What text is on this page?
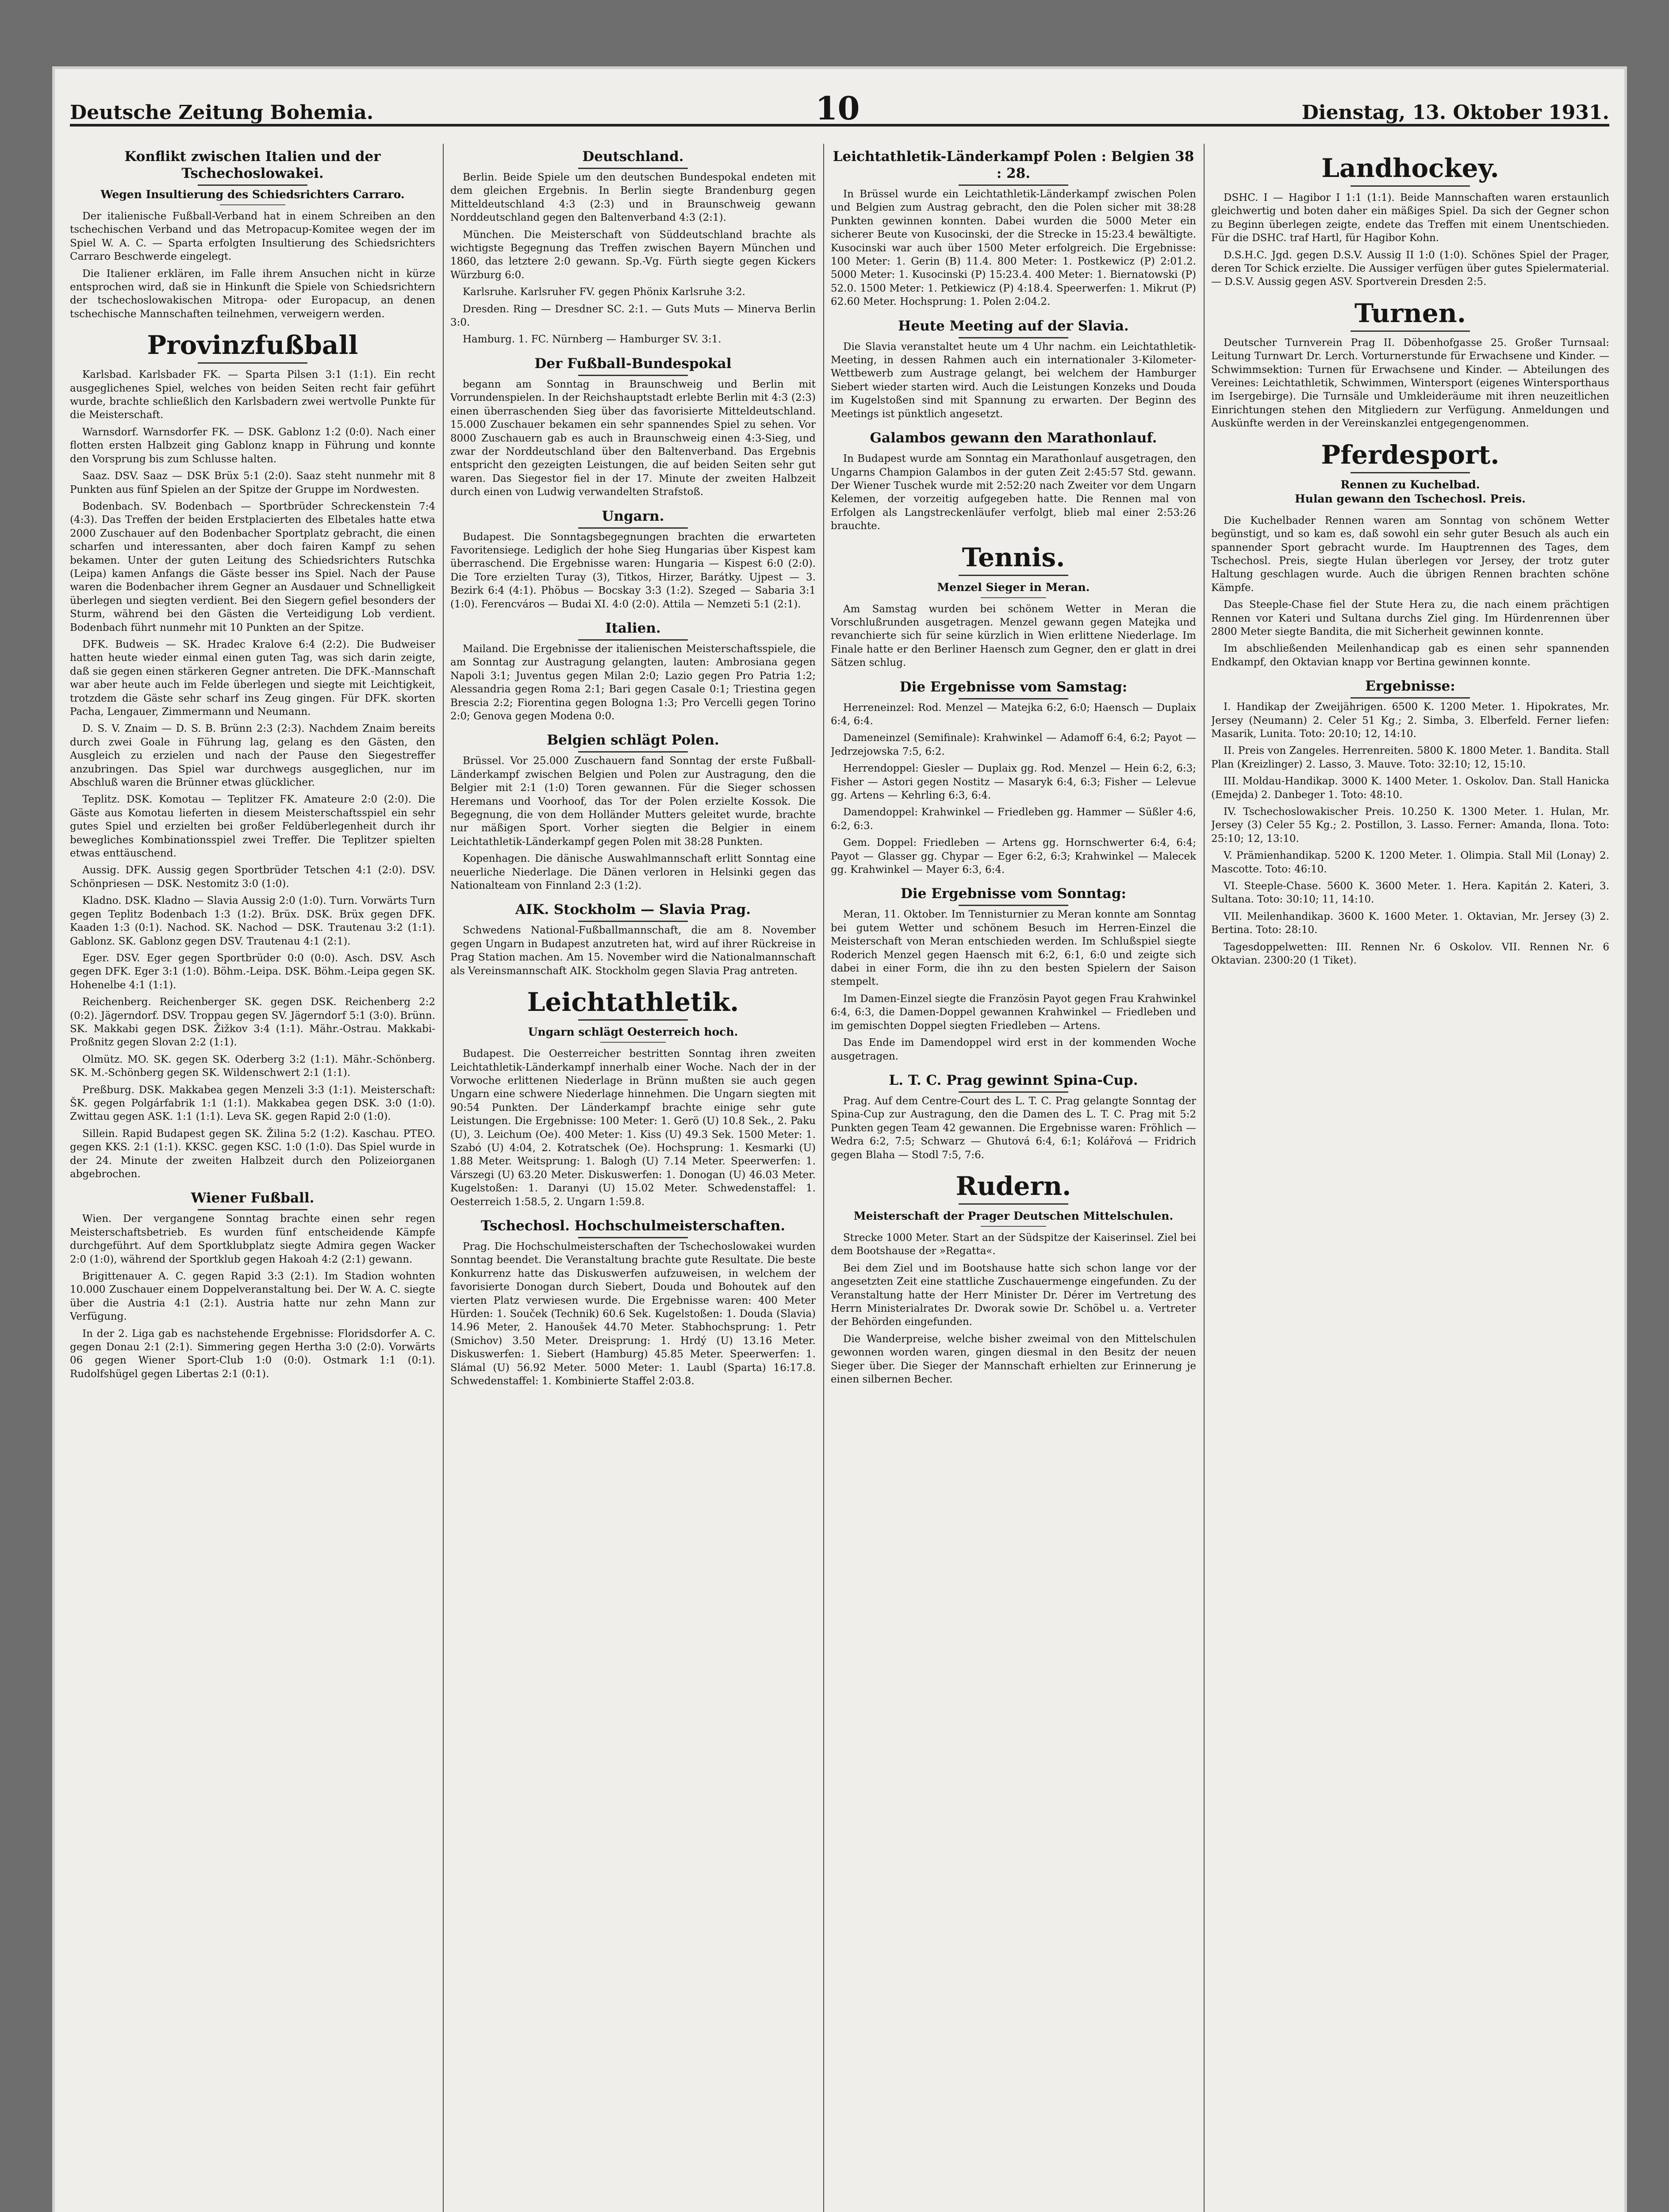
Deutsche Zeitung Bohemia.	10	Dienstag, 13. Oktober 1931.
Konflikt zwischen Italien und der Tschechoslowakei.
Wegen Insultierung des Schiedsrichters Carraro.

Der italienische Fußball-Verband hat in einem Schreiben an den tschechischen Verband und das Metropacup-Komitee wegen der im Spiel W. A. C. — Sparta erfolgten Insultierung des Schiedsrichters Carraro Beschwerde eingelegt.

Die Italiener erklären, im Falle ihrem Ansuchen nicht in kürze entsprochen wird, daß sie in Hinkunft die Spiele von Schiedsrichtern der tschechoslowakischen Mitropa- oder Europacup, an denen tschechische Mannschaften teilnehmen, verweigern werden.

Provinzfußball

Karlsbad. Karlsbader FK. — Sparta Pilsen 3:1 (1:1). Ein recht ausgeglichenes Spiel, welches von beiden Seiten recht fair geführt wurde, brachte schließlich den Karlsbadern zwei wertvolle Punkte für die Meisterschaft.

Warnsdorf. Warnsdorfer FK. — DSK. Gablonz 1:2 (0:0). Nach einer flotten ersten Halbzeit ging Gablonz knapp in Führung und konnte den Vorsprung bis zum Schlusse halten.

Saaz. DSV. Saaz — DSK Brüx 5:1 (2:0). Saaz steht nunmehr mit 8 Punkten aus fünf Spielen an der Spitze der Gruppe im Nordwesten.

Bodenbach. SV. Bodenbach — Sportbrüder Schreckenstein 7:4 (4:3). Das Treffen der beiden Erstplacierten des Elbetales hatte etwa 2000 Zuschauer auf den Bodenbacher Sportplatz gebracht, die einen scharfen und interessanten, aber doch fairen Kampf zu sehen bekamen. Unter der guten Leitung des Schiedsrichters Rutschka (Leipa) kamen Anfangs die Gäste besser ins Spiel. Nach der Pause waren die Bodenbacher ihrem Gegner an Ausdauer und Schnelligkeit überlegen und siegten verdient. Bei den Siegern gefiel besonders der Sturm, während bei den Gästen die Verteidigung Lob verdient. Bodenbach führt nunmehr mit 10 Punkten an der Spitze.

DFK. Budweis — SK. Hradec Kralove 6:4 (2:2). Die Budweiser hatten heute wieder einmal einen guten Tag, was sich darin zeigte, daß sie gegen einen stärkeren Gegner antreten. Die DFK.-Mannschaft war aber heute auch im Felde überlegen und siegte mit Leichtigkeit, trotzdem die Gäste sehr scharf ins Zeug gingen. Für DFK. skorten Pacha, Lengauer, Zimmermann und Neumann.

D. S. V. Znaim — D. S. B. Brünn 2:3 (2:3). Nachdem Znaim bereits durch zwei Goale in Führung lag, gelang es den Gästen, den Ausgleich zu erzielen und nach der Pause den Siegestreffer anzubringen. Das Spiel war durchwegs ausgeglichen, nur im Abschluß waren die Brünner etwas glücklicher.

Teplitz. DSK. Komotau — Teplitzer FK. Amateure 2:0 (2:0). Die Gäste aus Komotau lieferten in diesem Meisterschaftsspiel ein sehr gutes Spiel und erzielten bei großer Feldüberlegenheit durch ihr bewegliches Kombinationsspiel zwei Treffer. Die Teplitzer spielten etwas enttäuschend.

Aussig. DFK. Aussig gegen Sportbrüder Tetschen 4:1 (2:0). DSV. Schönpriesen — DSK. Nestomitz 3:0 (1:0).

Kladno. DSK. Kladno — Slavia Aussig 2:0 (1:0). Turn. Vorwärts Turn gegen Teplitz Bodenbach 1:3 (1:2). Brüx. DSK. Brüx gegen DFK. Kaaden 1:3 (0:1). Nachod. SK. Nachod — DSK. Trautenau 3:2 (1:1). Gablonz. SK. Gablonz gegen DSV. Trautenau 4:1 (2:1).

Eger. DSV. Eger gegen Sportbrüder 0:0 (0:0). Asch. DSV. Asch gegen DFK. Eger 3:1 (1:0). Böhm.-Leipa. DSK. Böhm.-Leipa gegen SK. Hohenelbe 4:1 (1:1).

Reichenberg. Reichenberger SK. gegen DSK. Reichenberg 2:2 (0:2). Jägerndorf. DSV. Troppau gegen SV. Jägerndorf 5:1 (3:0). Brünn. SK. Makkabi gegen DSK. Žižkov 3:4 (1:1). Mähr.-Ostrau. Makkabi-Proßnitz gegen Slovan 2:2 (1:1).

Olmütz. MO. SK. gegen SK. Oderberg 3:2 (1:1). Mähr.-Schönberg. SK. M.-Schönberg gegen SK. Wildenschwert 2:1 (1:1).

Preßburg. DSK. Makkabea gegen Menzeli 3:3 (1:1). Meisterschaft: ŠK. gegen Polgárfabrik 1:1 (1:1). Makkabea gegen DSK. 3:0 (1:0). Zwittau gegen ASK. 1:1 (1:1). Leva SK. gegen Rapid 2:0 (1:0).

Sillein. Rapid Budapest gegen SK. Žilina 5:2 (1:2). Kaschau. PTEO. gegen KKS. 2:1 (1:1). KKSC. gegen KSC. 1:0 (1:0). Das Spiel wurde in der 24. Minute der zweiten Halbzeit durch den Polizeiorganen abgebrochen.

Wiener Fußball.

Wien. Der vergangene Sonntag brachte einen sehr regen Meisterschaftsbetrieb. Es wurden fünf entscheidende Kämpfe durchgeführt. Auf dem Sportklubplatz siegte Admira gegen Wacker 2:0 (1:0), während der Sportklub gegen Hakoah 4:2 (2:1) gewann.

Brigittenauer A. C. gegen Rapid 3:3 (2:1). Im Stadion wohnten 10.000 Zuschauer einem Doppelveranstaltung bei. Der W. A. C. siegte über die Austria 4:1 (2:1). Austria hatte nur zehn Mann zur Verfügung.

In der 2. Liga gab es nachstehende Ergebnisse: Floridsdorfer A. C. gegen Donau 2:1 (2:1). Simmering gegen Hertha 3:0 (2:0). Vorwärts 06 gegen Wiener Sport-Club 1:0 (0:0). Ostmark 1:1 (0:1). Rudolfshügel gegen Libertas 2:1 (0:1).

Deutschland.

Berlin. Beide Spiele um den deutschen Bundespokal endeten mit dem gleichen Ergebnis. In Berlin siegte Brandenburg gegen Mitteldeutschland 4:3 (2:3) und in Braunschweig gewann Norddeutschland gegen den Baltenverband 4:3 (2:1).

München. Die Meisterschaft von Süddeutschland brachte als wichtigste Begegnung das Treffen zwischen Bayern München und 1860, das letztere 2:0 gewann. Sp.-Vg. Fürth siegte gegen Kickers Würzburg 6:0.

Karlsruhe. Karlsruher FV. gegen Phönix Karlsruhe 3:2.

Dresden. Ring — Dresdner SC. 2:1. — Guts Muts — Minerva Berlin 3:0.

Hamburg. 1. FC. Nürnberg — Hamburger SV. 3:1.

Der Fußball-Bundespokal

begann am Sonntag in Braunschweig und Berlin mit Vorrundenspielen. In der Reichshauptstadt erlebte Berlin mit 4:3 (2:3) einen überraschenden Sieg über das favorisierte Mitteldeutschland. 15.000 Zuschauer bekamen ein sehr spannendes Spiel zu sehen. Vor 8000 Zuschauern gab es auch in Braunschweig einen 4:3-Sieg, und zwar der Norddeutschland über den Baltenverband. Das Ergebnis entspricht den gezeigten Leistungen, die auf beiden Seiten sehr gut waren. Das Siegestor fiel in der 17. Minute der zweiten Halbzeit durch einen von Ludwig verwandelten Strafstoß.

Ungarn.

Budapest. Die Sonntagsbegegnungen brachten die erwarteten Favoritensiege. Lediglich der hohe Sieg Hungarias über Kispest kam überraschend. Die Ergebnisse waren: Hungaria — Kispest 6:0 (2:0). Die Tore erzielten Turay (3), Titkos, Hirzer, Barátky. Ujpest — 3. Bezirk 6:4 (4:1). Phöbus — Bocskay 3:3 (1:2). Szeged — Sabaria 3:1 (1:0). Ferencváros — Budai XI. 4:0 (2:0). Attila — Nemzeti 5:1 (2:1).

Italien.

Mailand. Die Ergebnisse der italienischen Meisterschaftsspiele, die am Sonntag zur Austragung gelangten, lauten: Ambrosiana gegen Napoli 3:1; Juventus gegen Milan 2:0; Lazio gegen Pro Patria 1:2; Alessandria gegen Roma 2:1; Bari gegen Casale 0:1; Triestina gegen Brescia 2:2; Fiorentina gegen Bologna 1:3; Pro Vercelli gegen Torino 2:0; Genova gegen Modena 0:0.

Belgien schlägt Polen.

Brüssel. Vor 25.000 Zuschauern fand Sonntag der erste Fußball-Länderkampf zwischen Belgien und Polen zur Austragung, den die Belgier mit 2:1 (1:0) Toren gewannen. Für die Sieger schossen Heremans und Voorhoof, das Tor der Polen erzielte Kossok. Die Begegnung, die von dem Holländer Mutters geleitet wurde, brachte nur mäßigen Sport. Vorher siegten die Belgier in einem Leichtathletik-Länderkampf gegen Polen mit 38:28 Punkten.

Kopenhagen. Die dänische Auswahlmannschaft erlitt Sonntag eine neuerliche Niederlage. Die Dänen verloren in Helsinki gegen das Nationalteam von Finnland 2:3 (1:2).

AIK. Stockholm — Slavia Prag.

Schwedens National-Fußballmannschaft, die am 8. November gegen Ungarn in Budapest anzutreten hat, wird auf ihrer Rückreise in Prag Station machen. Am 15. November wird die Nationalmannschaft als Vereinsmannschaft AIK. Stockholm gegen Slavia Prag antreten.

Leichtathletik.
Ungarn schlägt Oesterreich hoch.

Budapest. Die Oesterreicher bestritten Sonntag ihren zweiten Leichtathletik-Länderkampf innerhalb einer Woche. Nach der in der Vorwoche erlittenen Niederlage in Brünn mußten sie auch gegen Ungarn eine schwere Niederlage hinnehmen. Die Ungarn siegten mit 90:54 Punkten. Der Länderkampf brachte einige sehr gute Leistungen. Die Ergebnisse: 100 Meter: 1. Gerö (U) 10.8 Sek., 2. Paku (U), 3. Leichum (Oe). 400 Meter: 1. Kiss (U) 49.3 Sek. 1500 Meter: 1. Szabó (U) 4:04, 2. Kotratschek (Oe). Hochsprung: 1. Kesmarki (U) 1.88 Meter. Weitsprung: 1. Balogh (U) 7.14 Meter. Speerwerfen: 1. Várszegi (U) 63.20 Meter. Diskuswerfen: 1. Donogan (U) 46.03 Meter. Kugelstoßen: 1. Daranyi (U) 15.02 Meter. Schwedenstaffel: 1. Oesterreich 1:58.5, 2. Ungarn 1:59.8.

Tschechosl. Hochschulmeisterschaften.

Prag. Die Hochschulmeisterschaften der Tschechoslowakei wurden Sonntag beendet. Die Veranstaltung brachte gute Resultate. Die beste Konkurrenz hatte das Diskuswerfen aufzuweisen, in welchem der favorisierte Donogan durch Siebert, Douda und Bohoutek auf den vierten Platz verwiesen wurde. Die Ergebnisse waren: 400 Meter Hürden: 1. Souček (Technik) 60.6 Sek. Kugelstoßen: 1. Douda (Slavia) 14.96 Meter, 2. Hanoušek 44.70 Meter. Stabhochsprung: 1. Petr (Smichov) 3.50 Meter. Dreisprung: 1. Hrdý (U) 13.16 Meter. Diskuswerfen: 1. Siebert (Hamburg) 45.85 Meter. Speerwerfen: 1. Slámal (U) 56.92 Meter. 5000 Meter: 1. Laubl (Sparta) 16:17.8. Schwedenstaffel: 1. Kombinierte Staffel 2:03.8.

Leichtathletik-Länderkampf Polen : Belgien 38 : 28.

In Brüssel wurde ein Leichtathletik-Länderkampf zwischen Polen und Belgien zum Austrag gebracht, den die Polen sicher mit 38:28 Punkten gewinnen konnten. Dabei wurden die 5000 Meter ein sicherer Beute von Kusocinski, der die Strecke in 15:23.4 bewältigte. Kusocinski war auch über 1500 Meter erfolgreich. Die Ergebnisse: 100 Meter: 1. Gerin (B) 11.4. 800 Meter: 1. Postkewicz (P) 2:01.2. 5000 Meter: 1. Kusocinski (P) 15:23.4. 400 Meter: 1. Biernatowski (P) 52.0. 1500 Meter: 1. Petkiewicz (P) 4:18.4. Speerwerfen: 1. Mikrut (P) 62.60 Meter. Hochsprung: 1. Polen 2:04.2.

Heute Meeting auf der Slavia.

Die Slavia veranstaltet heute um 4 Uhr nachm. ein Leichtathletik-Meeting, in dessen Rahmen auch ein internationaler 3-Kilometer-Wettbewerb zum Austrage gelangt, bei welchem der Hamburger Siebert wieder starten wird. Auch die Leistungen Konzeks und Douda im Kugelstoßen sind mit Spannung zu erwarten. Der Beginn des Meetings ist pünktlich angesetzt.

Galambos gewann den Marathonlauf.

In Budapest wurde am Sonntag ein Marathonlauf ausgetragen, den Ungarns Champion Galambos in der guten Zeit 2:45:57 Std. gewann. Der Wiener Tuschek wurde mit 2:52:20 nach Zweiter vor dem Ungarn Kelemen, der vorzeitig aufgegeben hatte. Die Rennen mal von Erfolgen als Langstreckenläufer verfolgt, blieb mal einer 2:53:26 brauchte.

Tennis.
Menzel Sieger in Meran.

Am Samstag wurden bei schönem Wetter in Meran die Vorschlußrunden ausgetragen. Menzel gewann gegen Matejka und revanchierte sich für seine kürzlich in Wien erlittene Niederlage. Im Finale hatte er den Berliner Haensch zum Gegner, den er glatt in drei Sätzen schlug.

Die Ergebnisse vom Samstag:

Herreneinzel: Rod. Menzel — Matejka 6:2, 6:0; Haensch — Duplaix 6:4, 6:4.

Dameneinzel (Semifinale): Krahwinkel — Adamoff 6:4, 6:2; Payot — Jedrzejowska 7:5, 6:2.

Herrendoppel: Giesler — Duplaix gg. Rod. Menzel — Hein 6:2, 6:3; Fisher — Astori gegen Nostitz — Masaryk 6:4, 6:3; Fisher — Lelevue gg. Artens — Kehrling 6:3, 6:4.

Damendoppel: Krahwinkel — Friedleben gg. Hammer — Süßler 4:6, 6:2, 6:3.

Gem. Doppel: Friedleben — Artens gg. Hornschwerter 6:4, 6:4; Payot — Glasser gg. Chypar — Eger 6:2, 6:3; Krahwinkel — Malecek gg. Krahwinkel — Mayer 6:3, 6:4.

Die Ergebnisse vom Sonntag:

Meran, 11. Oktober. Im Tennisturnier zu Meran konnte am Sonntag bei gutem Wetter und schönem Besuch im Herren-Einzel die Meisterschaft von Meran entschieden werden. Im Schlußspiel siegte Roderich Menzel gegen Haensch mit 6:2, 6:1, 6:0 und zeigte sich dabei in einer Form, die ihn zu den besten Spielern der Saison stempelt.

Im Damen-Einzel siegte die Französin Payot gegen Frau Krahwinkel 6:4, 6:3, die Damen-Doppel gewannen Krahwinkel — Friedleben und im gemischten Doppel siegten Friedleben — Artens.

Das Ende im Damendoppel wird erst in der kommenden Woche ausgetragen.

L. T. C. Prag gewinnt Spina-Cup.

Prag. Auf dem Centre-Court des L. T. C. Prag gelangte Sonntag der Spina-Cup zur Austragung, den die Damen des L. T. C. Prag mit 5:2 Punkten gegen Team 42 gewannen. Die Ergebnisse waren: Fröhlich — Wedra 6:2, 7:5; Schwarz — Ghutová 6:4, 6:1; Kolářová — Fridrich gegen Blaha — Stodl 7:5, 7:6.

Rudern.
Meisterschaft der Prager Deutschen Mittelschulen.

Strecke 1000 Meter. Start an der Südspitze der Kaiserinsel. Ziel bei dem Bootshause der »Regatta«.

Bei dem Ziel und im Bootshause hatte sich schon lange vor der angesetzten Zeit eine stattliche Zuschauermenge eingefunden. Zu der Veranstaltung hatte der Herr Minister Dr. Dérer im Vertretung des Herrn Ministerialrates Dr. Dworak sowie Dr. Schöbel u. a. Vertreter der Behörden eingefunden.

Die Wanderpreise, welche bisher zweimal von den Mittelschulen gewonnen worden waren, gingen diesmal in den Besitz der neuen Sieger über. Die Sieger der Mannschaft erhielten zur Erinnerung je einen silbernen Becher.

Landhockey.

DSHC. I — Hagibor I 1:1 (1:1). Beide Mannschaften waren erstaunlich gleichwertig und boten daher ein mäßiges Spiel. Da sich der Gegner schon zu Beginn überlegen zeigte, endete das Treffen mit einem Unentschieden. Für die DSHC. traf Hartl, für Hagibor Kohn.

D.S.H.C. Jgd. gegen D.S.V. Aussig II 1:0 (1:0). Schönes Spiel der Prager, deren Tor Schick erzielte. Die Aussiger verfügen über gutes Spielermaterial. — D.S.V. Aussig gegen ASV. Sportverein Dresden 2:5.

Turnen.

Deutscher Turnverein Prag II. Döbenhofgasse 25. Großer Turnsaal: Leitung Turnwart Dr. Lerch. Vorturnerstunde für Erwachsene und Kinder. — Schwimmsektion: Turnen für Erwachsene und Kinder. — Abteilungen des Vereines: Leichtathletik, Schwimmen, Wintersport (eigenes Wintersporthaus im Isergebirge). Die Turnsäle und Umkleideräume mit ihren neuzeitlichen Einrichtungen stehen den Mitgliedern zur Verfügung. Anmeldungen und Auskünfte werden in der Vereinskanzlei entgegengenommen.

Pferdesport.
Rennen zu Kuchelbad.
Hulan gewann den Tschechosl. Preis.

Die Kuchelbader Rennen waren am Sonntag von schönem Wetter begünstigt, und so kam es, daß sowohl ein sehr guter Besuch als auch ein spannender Sport gebracht wurde. Im Hauptrennen des Tages, dem Tschechosl. Preis, siegte Hulan überlegen vor Jersey, der trotz guter Haltung geschlagen wurde. Auch die übrigen Rennen brachten schöne Kämpfe.

Das Steeple-Chase fiel der Stute Hera zu, die nach einem prächtigen Rennen vor Kateri und Sultana durchs Ziel ging. Im Hürdenrennen über 2800 Meter siegte Bandita, die mit Sicherheit gewinnen konnte.

Im abschließenden Meilenhandicap gab es einen sehr spannenden Endkampf, den Oktavian knapp vor Bertina gewinnen konnte.

Ergebnisse:

I. Handikap der Zweijährigen. 6500 K. 1200 Meter. 1. Hipokrates, Mr. Jersey (Neumann) 2. Celer 51 Kg.; 2. Simba, 3. Elberfeld. Ferner liefen: Masarik, Lunita. Toto: 20:10; 12, 14:10.

II. Preis von Zangeles. Herrenreiten. 5800 K. 1800 Meter. 1. Bandita. Stall Plan (Kreizlinger) 2. Lasso, 3. Mauve. Toto: 32:10; 12, 15:10.

III. Moldau-Handikap. 3000 K. 1400 Meter. 1. Oskolov. Dan. Stall Hanicka (Emejda) 2. Danbeger 1. Toto: 48:10.

IV. Tschechoslowakischer Preis. 10.250 K. 1300 Meter. 1. Hulan, Mr. Jersey (3) Celer 55 Kg.; 2. Postillon, 3. Lasso. Ferner: Amanda, Ilona. Toto: 25:10; 12, 13:10.

V. Prämienhandikap. 5200 K. 1200 Meter. 1. Olimpia. Stall Mil (Lonay) 2. Mascotte. Toto: 46:10.

VI. Steeple-Chase. 5600 K. 3600 Meter. 1. Hera. Kapitán 2. Kateri, 3. Sultana. Toto: 30:10; 11, 14:10.

VII. Meilenhandikap. 3600 K. 1600 Meter. 1. Oktavian, Mr. Jersey (3) 2. Bertina. Toto: 28:10.

Tagesdoppelwetten: III. Rennen Nr. 6 Oskolov. VII. Rennen Nr. 6 Oktavian. 2300:20 (1 Tiket).
